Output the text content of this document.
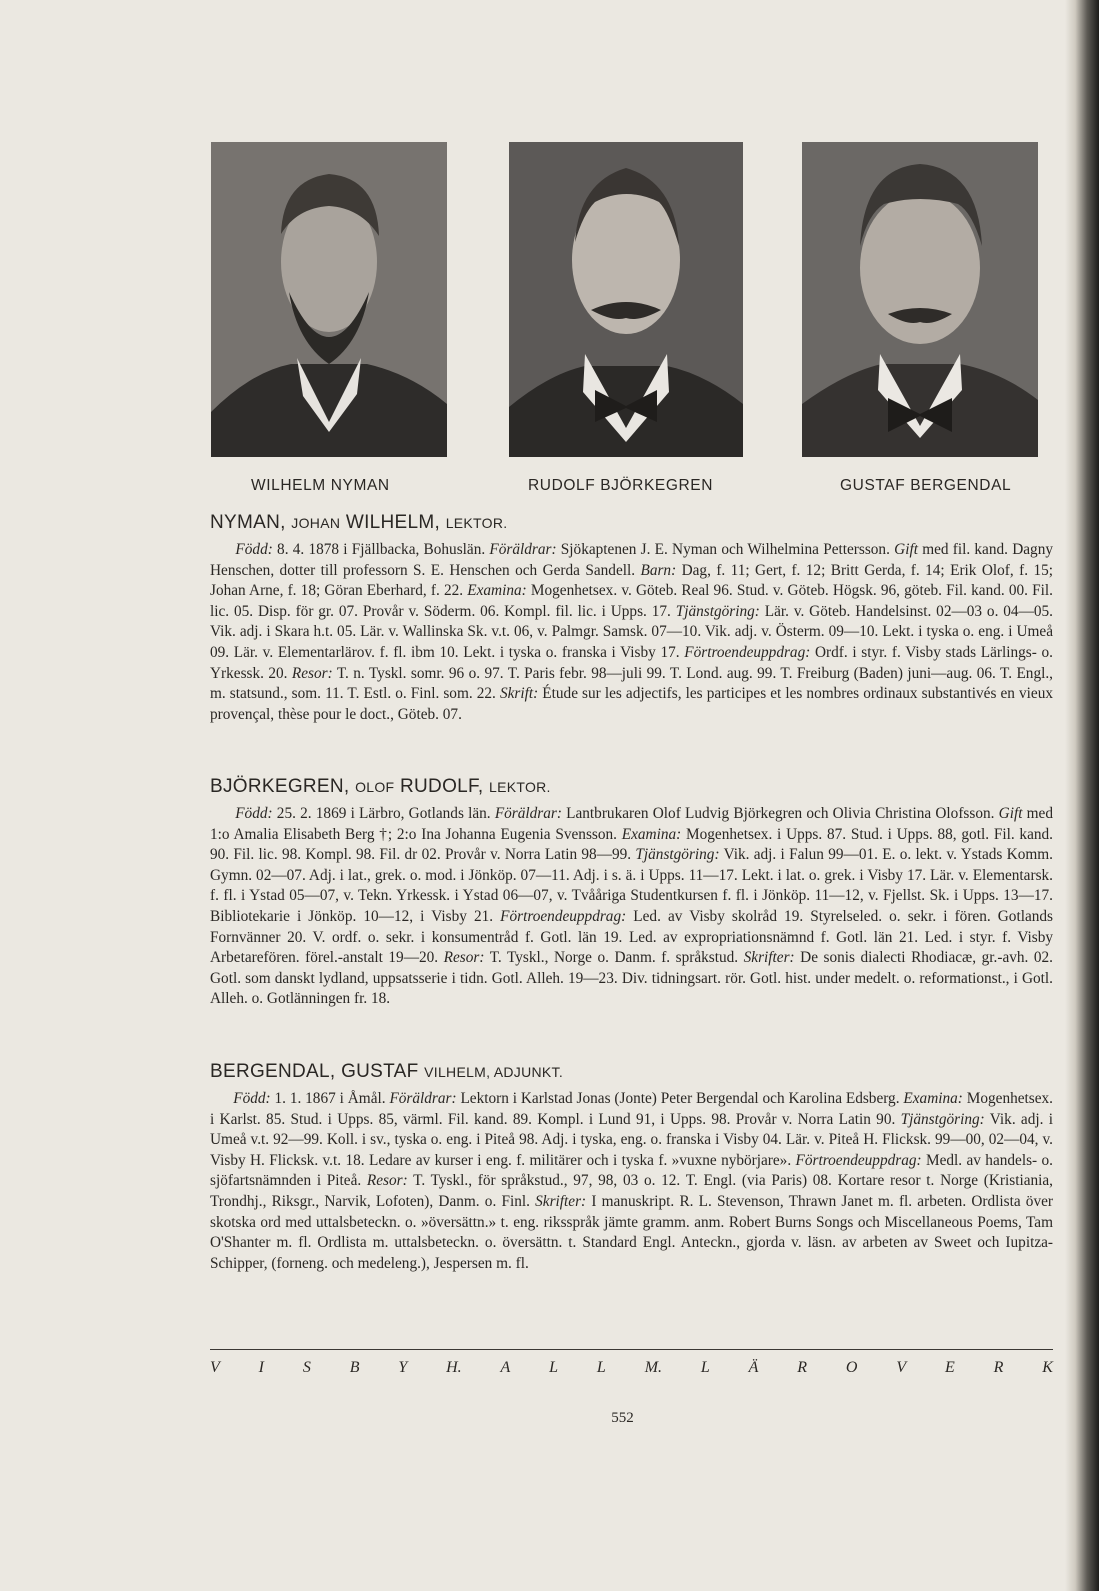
WILHELM NYMAN	RUDOLF BJÖRKEGREN	GUSTAF BERGENDAL
NYMAN, JOHAN WILHELM, LEKTOR.

Född: 8. 4. 1878 i Fjällbacka, Bohuslän. Föräldrar: Sjökaptenen J. E. Nyman och Wilhelmina Pettersson. Gift med fil. kand. Dagny Henschen, dotter till professorn S. E. Henschen och Gerda Sandell. Barn: Dag, f. 11; Gert, f. 12; Britt Gerda, f. 14; Erik Olof, f. 15; Johan Arne, f. 18; Göran Eberhard, f. 22. Examina: Mogenhetsex. v. Göteb. Real 96. Stud. v. Göteb. Högsk. 96, göteb. Fil. kand. 00. Fil. lic. 05. Disp. för gr. 07. Provår v. Söderm. 06. Kompl. fil. lic. i Upps. 17. Tjänstgöring: Lär. v. Göteb. Handelsinst. 02—03 o. 04—05. Vik. adj. i Skara h.t. 05. Lär. v. Wallinska Sk. v.t. 06, v. Palmgr. Samsk. 07—10. Vik. adj. v. Österm. 09—10. Lekt. i tyska o. eng. i Umeå 09. Lär. v. Elementarlärov. f. fl. ibm 10. Lekt. i tyska o. franska i Visby 17. Förtroendeuppdrag: Ordf. i styr. f. Visby stads Lärlings- o. Yrkessk. 20. Resor: T. n. Tyskl. somr. 96 o. 97. T. Paris febr. 98—juli 99. T. Lond. aug. 99. T. Freiburg (Baden) juni—aug. 06. T. Engl., m. statsund., som. 11. T. Estl. o. Finl. som. 22. Skrift: Étude sur les adjectifs, les participes et les nombres ordinaux substantivés en vieux provençal, thèse pour le doct., Göteb. 07.

BJÖRKEGREN, OLOF RUDOLF, LEKTOR.

Född: 25. 2. 1869 i Lärbro, Gotlands län. Föräldrar: Lantbrukaren Olof Ludvig Björkegren och Olivia Christina Olofsson. Gift med 1:o Amalia Elisabeth Berg †; 2:o Ina Johanna Eugenia Svensson. Examina: Mogenhetsex. i Upps. 87. Stud. i Upps. 88, gotl. Fil. kand. 90. Fil. lic. 98. Kompl. 98. Fil. dr 02. Provår v. Norra Latin 98—99. Tjänstgöring: Vik. adj. i Falun 99—01. E. o. lekt. v. Ystads Komm. Gymn. 02—07. Adj. i lat., grek. o. mod. i Jönköp. 07—11. Adj. i s. ä. i Upps. 11—17. Lekt. i lat. o. grek. i Visby 17. Lär. v. Elementarsk. f. fl. i Ystad 05—07, v. Tekn. Yrkessk. i Ystad 06—07, v. Tvååriga Studentkursen f. fl. i Jönköp. 11—12, v. Fjellst. Sk. i Upps. 13—17. Bibliotekarie i Jönköp. 10—12, i Visby 21. Förtroendeuppdrag: Led. av Visby skolråd 19. Styrelseled. o. sekr. i fören. Gotlands Fornvänner 20. V. ordf. o. sekr. i konsumentråd f. Gotl. län 19. Led. av expropriationsnämnd f. Gotl. län 21. Led. i styr. f. Visby Arbetarefören. förel.-anstalt 19—20. Resor: T. Tyskl., Norge o. Danm. f. språkstud. Skrifter: De sonis dialecti Rhodiacæ, gr.-avh. 02. Gotl. som danskt lydland, uppsatsserie i tidn. Gotl. Alleh. 19—23. Div. tidningsart. rör. Gotl. hist. under medelt. o. reformationst., i Gotl. Alleh. o. Gotlänningen fr. 18.

BERGENDAL, GUSTAF VILHELM, ADJUNKT.

Född: 1. 1. 1867 i Åmål. Föräldrar: Lektorn i Karlstad Jonas (Jonte) Peter Bergendal och Karolina Edsberg. Examina: Mogenhetsex. i Karlst. 85. Stud. i Upps. 85, värml. Fil. kand. 89. Kompl. i Lund 91, i Upps. 98. Provår v. Norra Latin 90. Tjänstgöring: Vik. adj. i Umeå v.t. 92—99. Koll. i sv., tyska o. eng. i Piteå 98. Adj. i tyska, eng. o. franska i Visby 04. Lär. v. Piteå H. Flicksk. 99—00, 02—04, v. Visby H. Flicksk. v.t. 18. Ledare av kurser i eng. f. militärer och i tyska f. »vuxne nybörjare». Förtroendeuppdrag: Medl. av handels- o. sjöfartsnämnden i Piteå. Resor: T. Tyskl., för språkstud., 97, 98, 03 o. 12. T. Engl. (via Paris) 08. Kortare resor t. Norge (Kristiania, Trondhj., Riksgr., Narvik, Lofoten), Danm. o. Finl. Skrifter: I manuskript. R. L. Stevenson, Thrawn Janet m. fl. arbeten. Ordlista över skotska ord med uttalsbeteckn. o. »översättn.» t. eng. riksspråk jämte gramm. anm. Robert Burns Songs och Miscellaneous Poems, Tam O'Shanter m. fl. Ordlista m. uttalsbeteckn. o. översättn. t. Standard Engl. Anteckn., gjorda v. läsn. av arbeten av Sweet och Iupitza-Schipper, (forneng. och medeleng.), Jespersen m. fl.

V I S B Y H. A L L M. L Ä R O V E R K
552
